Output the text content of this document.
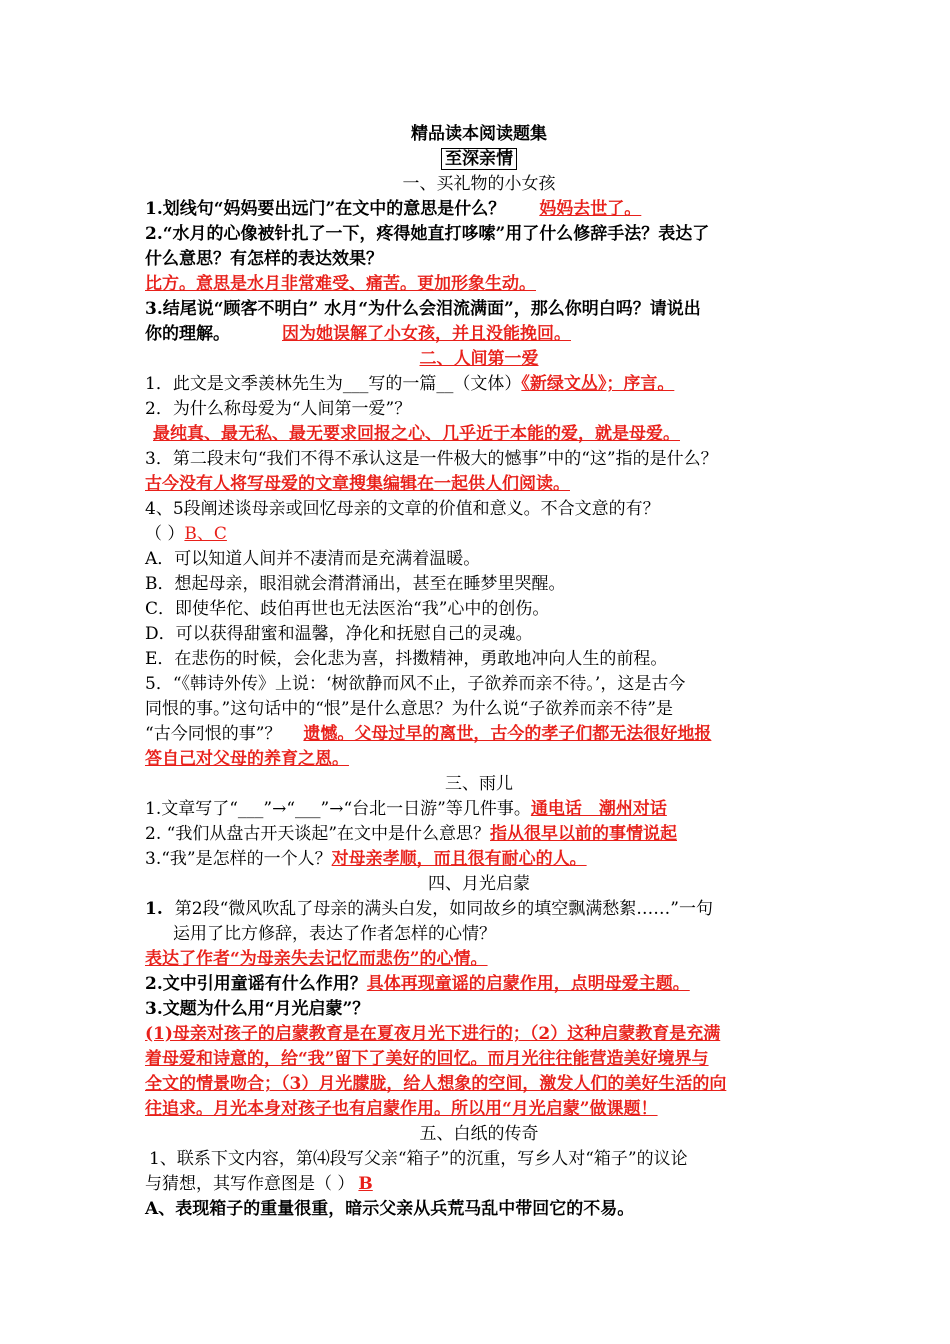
精品读本阅读题集
至深亲情
一、买礼物的小女孩
1.划线句“妈妈要出远门”在文中的意思是什么？ 妈妈去世了。
2.“水月的心像被针扎了一下，疼得她直打哆嗦”用了什么修辞手法？表达了
什么意思？有怎样的表达效果？
比方。意思是水月非常难受、痛苦。更加形象生动。
3.结尾说“顾客不明白” 水月“为什么会泪流满面”，那么你明白吗？请说出
你的理解。	因为她误解了小女孩，并且没能挽回。
二、人间第一爱
1．此文是文季羡林先生为___写的一篇__（文体）《新绿文丛》；序言。
2．为什么称母爱为“人间第一爱”？
最纯真、最无私、最无要求回报之心、几乎近于本能的爱，就是母爱。
3．第二段末句“我们不得不承认这是一件极大的憾事”中的“这”指的是什么？
古今没有人将写母爱的文章搜集编辑在一起供人们阅读。
4、5段阐述谈母亲或回忆母亲的文章的价值和意义。不合文意的有？
（ ）B、C
A．可以知道人间并不凄清而是充满着温暖。
B．想起母亲，眼泪就会潸潸涌出，甚至在睡梦里哭醒。
C．即使华佗、歧伯再世也无法医治“我”心中的创伤。
D．可以获得甜蜜和温馨，净化和抚慰自己的灵魂。
E．在悲伤的时候，会化悲为喜，抖擞精神，勇敢地冲向人生的前程。
5．“《韩诗外传》上说：‘树欲静而风不止，子欲养而亲不待。’，这是古今
同恨的事。”这句话中的“恨”是什么意思？为什么说“子欲养而亲不待”是
“古今同恨的事”？ 遗憾。父母过早的离世，古今的孝子们都无法很好地报
答自己对父母的养育之恩。
三、雨儿
1.文章写了“___”→“___”→“台北一日游”等几件事。通电话　潮州对话
2. “我们从盘古开天谈起”在文中是什么意思？指从很早以前的事情说起
3.“我”是怎样的一个人？对母亲孝顺，而且很有耐心的人。
四、月光启蒙
1. 第2段“微风吹乱了母亲的满头白发，如同故乡的填空飘满愁絮……”一句
运用了比方修辞，表达了作者怎样的心情？
表达了作者“为母亲失去记忆而悲伤”的心情。
2.文中引用童谣有什么作用？具体再现童谣的启蒙作用，点明母爱主题。
3.文题为什么用“月光启蒙”？
(1)母亲对孩子的启蒙教育是在夏夜月光下进行的；（2）这种启蒙教育是充满
着母爱和诗意的，给“我”留下了美好的回忆。而月光往往能营造美好境界与
全文的情景吻合；（3）月光朦胧，给人想象的空间，激发人们的美好生活的向
往追求。月光本身对孩子也有启蒙作用。所以用“月光启蒙”做课题！
五、白纸的传奇
1、联系下文内容，第⑷段写父亲“箱子”的沉重，写乡人对“箱子”的议论
与猜想，其写作意图是（ ） B
A、表现箱子的重量很重，暗示父亲从兵荒马乱中带回它的不易。
